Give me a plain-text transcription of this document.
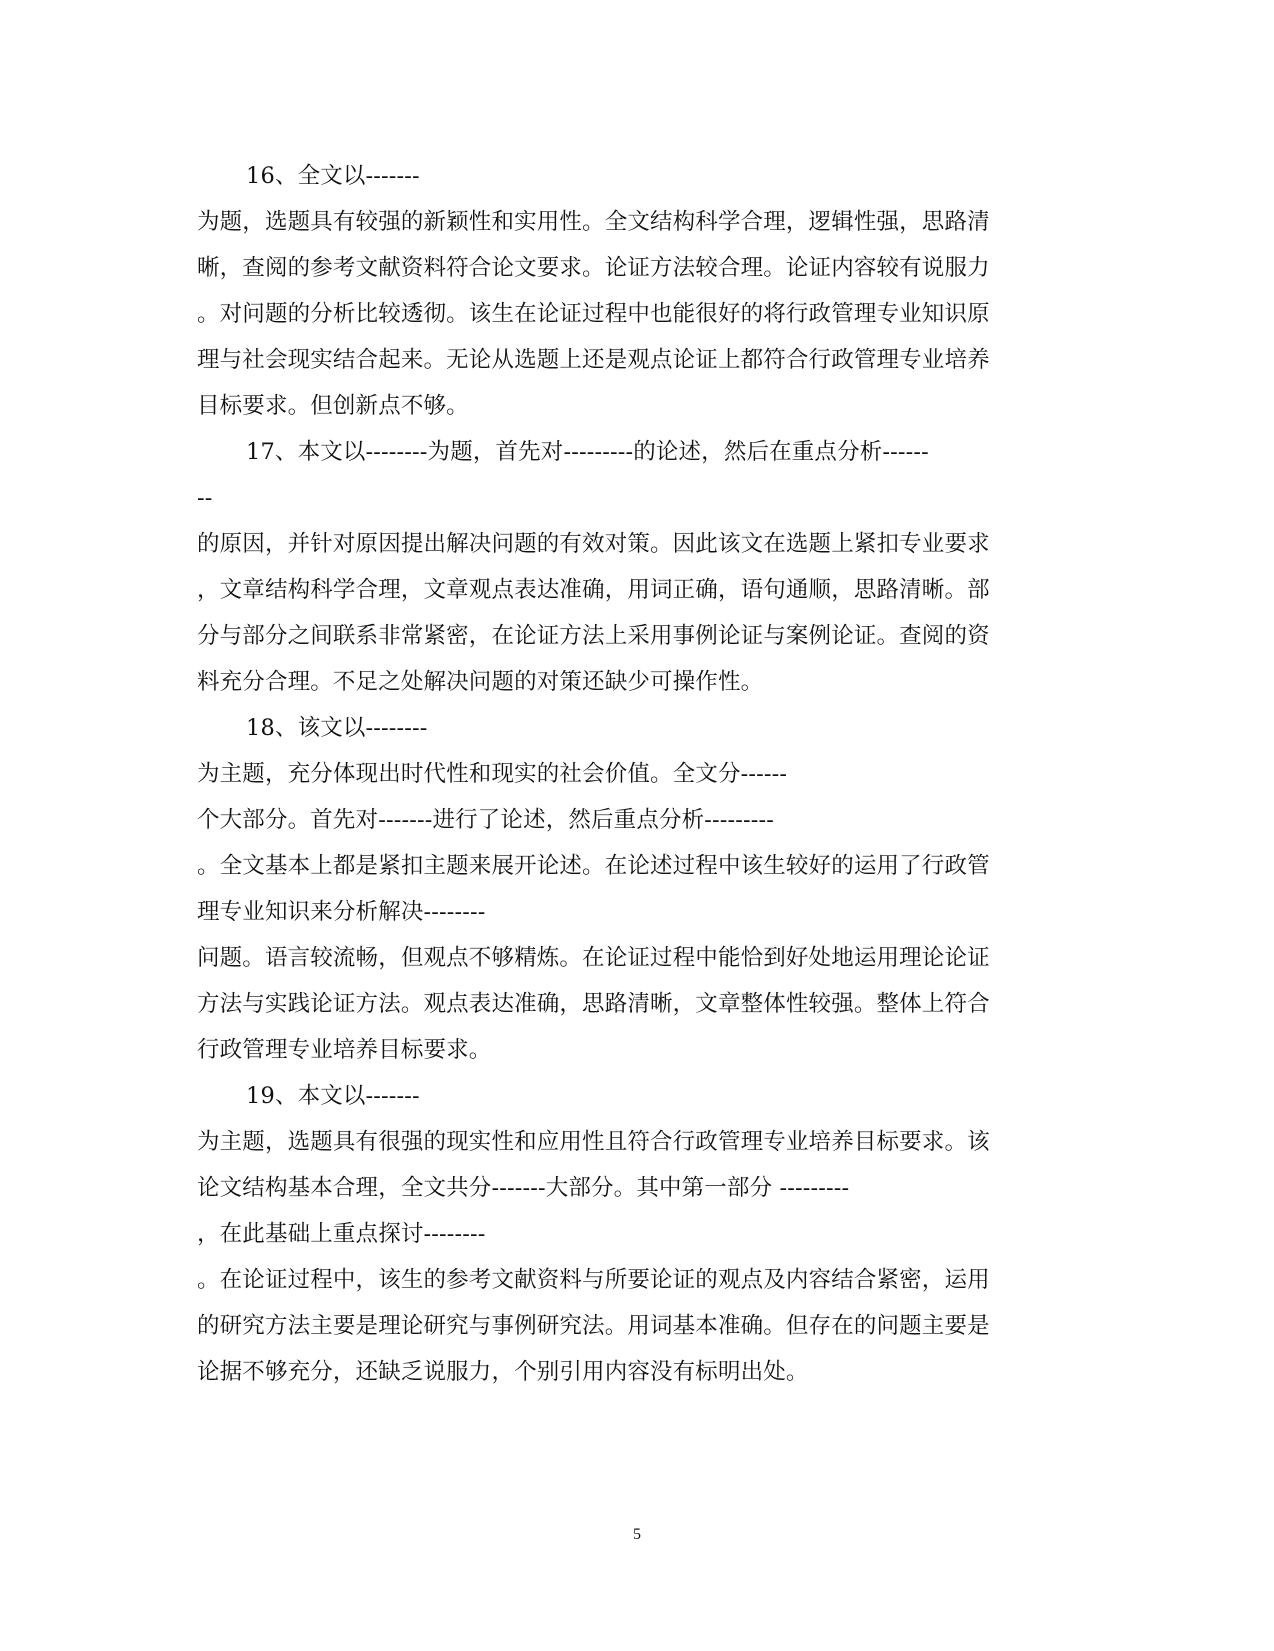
16、全文以-------
为题，选题具有较强的新颖性和实用性。全文结构科学合理，逻辑性强，思路清
晰，查阅的参考文献资料符合论文要求。论证方法较合理。论证内容较有说服力
。对问题的分析比较透彻。该生在论证过程中也能很好的将行政管理专业知识原
理与社会现实结合起来。无论从选题上还是观点论证上都符合行政管理专业培养
目标要求。但创新点不够。
17、本文以--------为题，首先对---------的论述，然后在重点分析------
--
的原因，并针对原因提出解决问题的有效对策。因此该文在选题上紧扣专业要求
，文章结构科学合理，文章观点表达准确，用词正确，语句通顺，思路清晰。部
分与部分之间联系非常紧密，在论证方法上采用事例论证与案例论证。查阅的资
料充分合理。不足之处解决问题的对策还缺少可操作性。
18、该文以--------
为主题，充分体现出时代性和现实的社会价值。全文分------
个大部分。首先对-------进行了论述，然后重点分析---------
。全文基本上都是紧扣主题来展开论述。在论述过程中该生较好的运用了行政管
理专业知识来分析解决--------
问题。语言较流畅，但观点不够精炼。在论证过程中能恰到好处地运用理论论证
方法与实践论证方法。观点表达准确，思路清晰，文章整体性较强。整体上符合
行政管理专业培养目标要求。
19、本文以-------
为主题，选题具有很强的现实性和应用性且符合行政管理专业培养目标要求。该
论文结构基本合理，全文共分-------大部分。其中第一部分 ---------
，在此基础上重点探讨--------
。在论证过程中，该生的参考文献资料与所要论证的观点及内容结合紧密，运用
的研究方法主要是理论研究与事例研究法。用词基本准确。但存在的问题主要是
论据不够充分，还缺乏说服力，个别引用内容没有标明出处。
5
